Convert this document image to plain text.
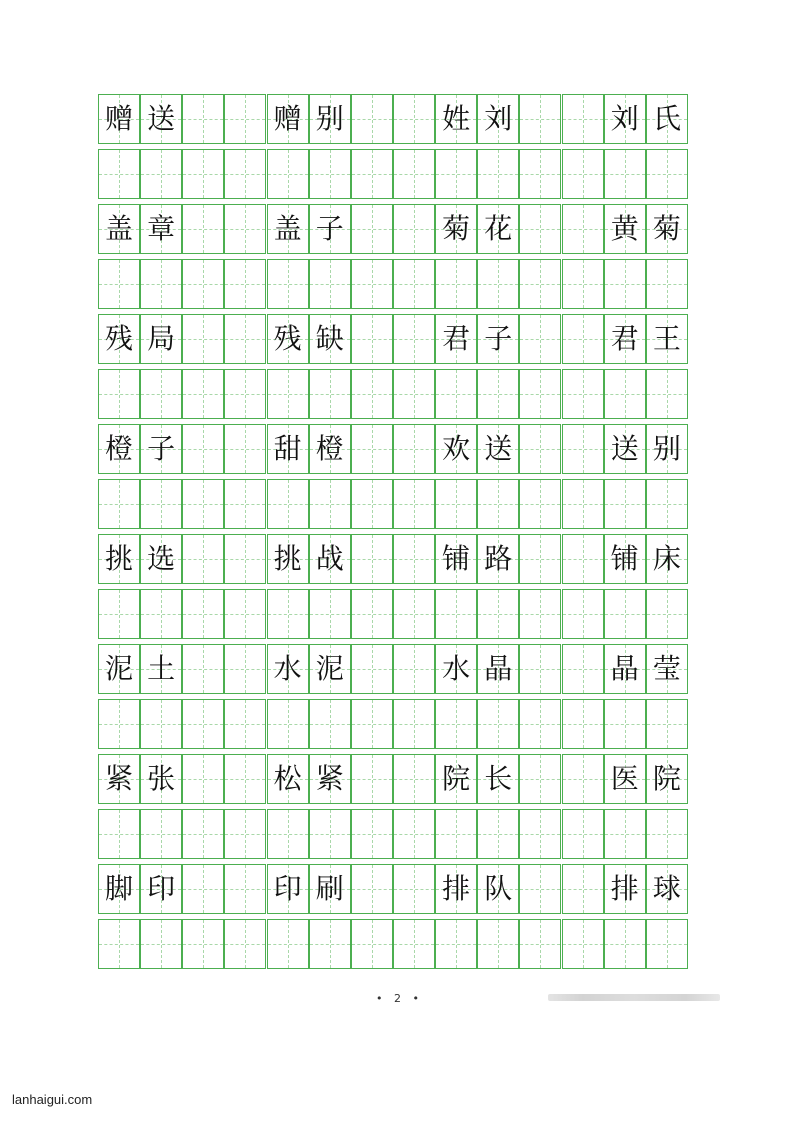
赠 送	赠 别	姓 刘	刘 氏
盖 章	盖 子	菊 花	黄 菊
残 局	残 缺	君 子	君 王
橙 子	甜 橙	欢 送	送 别
挑 选	挑 战	铺 路	铺 床
泥 土	水 泥	水 晶	晶 莹
紧 张	松 紧	院 长	医 院
脚 印	印 刷	排 队	排 球
• 2 •
lanhaigui.com
